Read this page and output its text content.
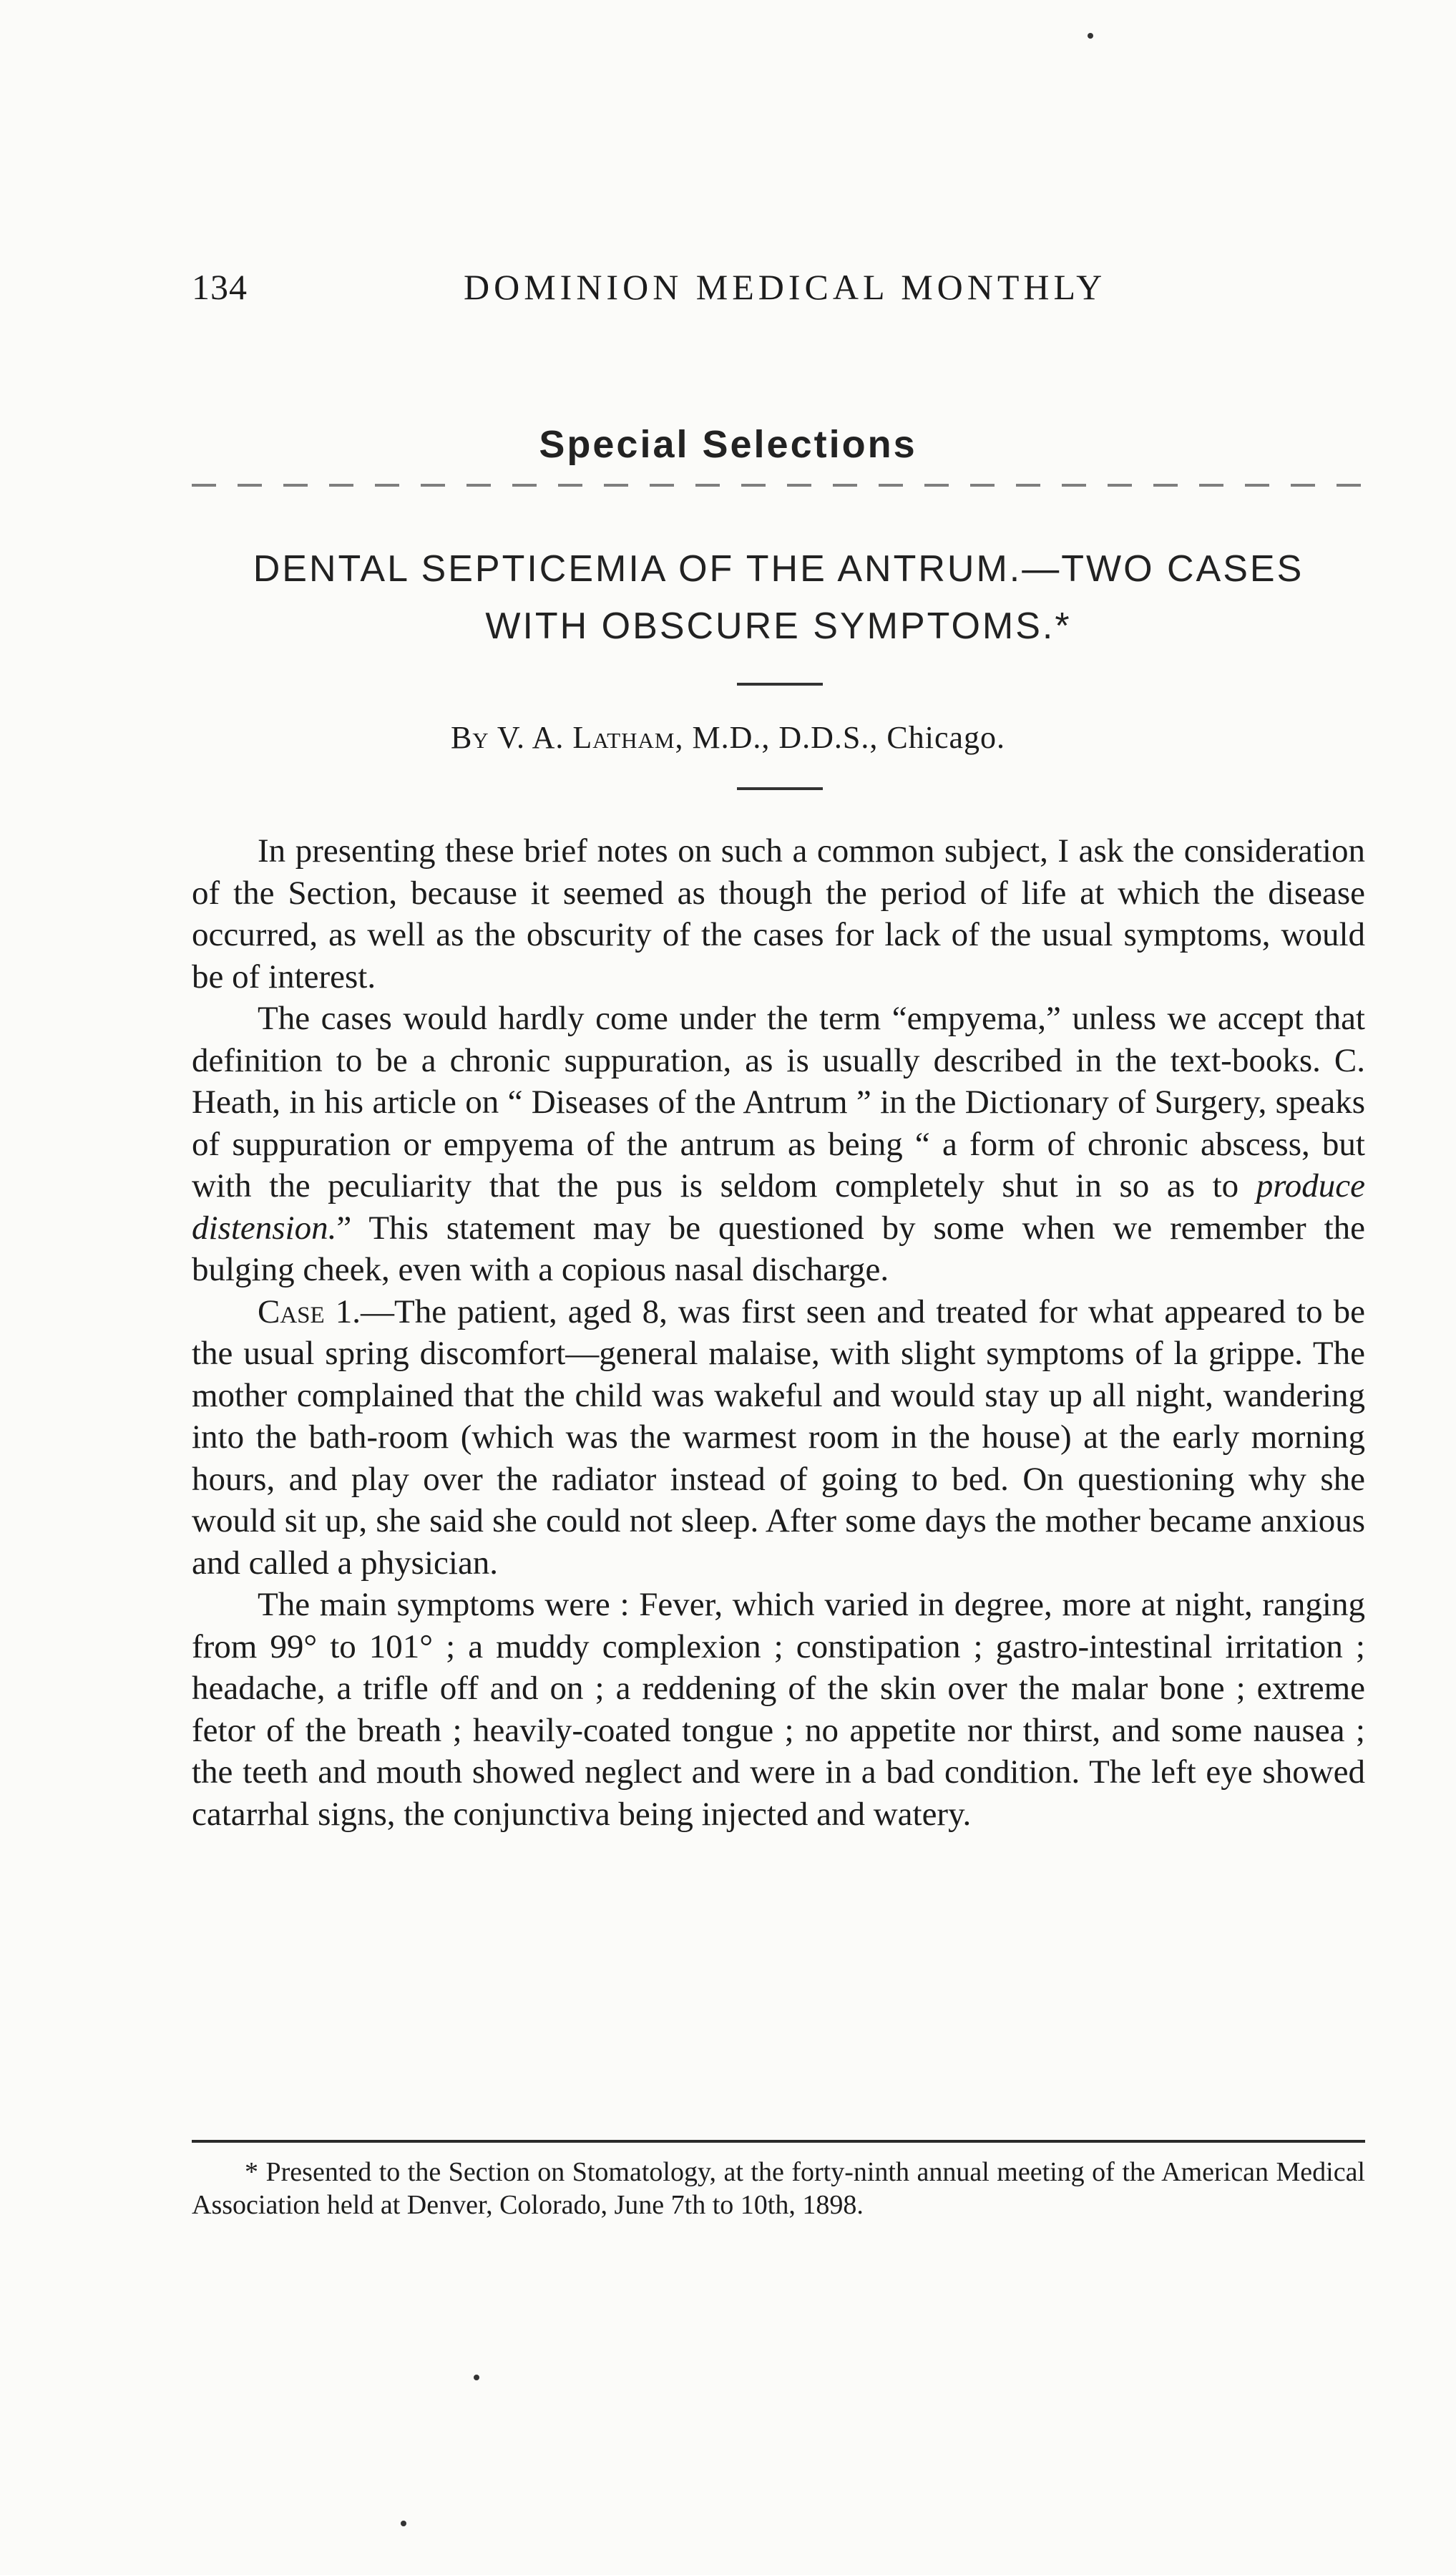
134	DOMINION MEDICAL MONTHLY
Special Selections
DENTAL SEPTICEMIA OF THE ANTRUM.—TWO CASES
WITH OBSCURE SYMPTOMS.*
By V. A. Latham, M.D., D.D.S., Chicago.

In presenting these brief notes on such a common subject, I ask the consideration of the Section, because it seemed as though the period of life at which the disease occurred, as well as the obscurity of the cases for lack of the usual symptoms, would be of interest.

The cases would hardly come under the term “empyema,” unless we accept that definition to be a chronic suppuration, as is usually described in the text-books. C. Heath, in his article on “ Diseases of the Antrum ” in the Dictionary of Surgery, speaks of suppuration or empyema of the antrum as being “ a form of chronic abscess, but with the peculiarity that the pus is seldom completely shut in so as to produce distension.” This statement may be questioned by some when we remember the bulging cheek, even with a copious nasal discharge.

Case 1.—The patient, aged 8, was first seen and treated for what appeared to be the usual spring discomfort—general malaise, with slight symptoms of la grippe. The mother complained that the child was wakeful and would stay up all night, wandering into the bath-room (which was the warmest room in the house) at the early morning hours, and play over the radiator instead of going to bed. On questioning why she would sit up, she said she could not sleep. After some days the mother became anxious and called a physician.

The main symptoms were : Fever, which varied in degree, more at night, ranging from 99° to 101° ; a muddy complexion ; constipation ; gastro-intestinal irritation ; headache, a trifle off and on ; a reddening of the skin over the malar bone ; extreme fetor of the breath ; heavily-coated tongue ; no appetite nor thirst, and some nausea ; the teeth and mouth showed neglect and were in a bad condition. The left eye showed catarrhal signs, the conjunctiva being injected and watery.

* Presented to the Section on Stomatology, at the forty-ninth annual meeting of the American Medical Association held at Denver, Colorado, June 7th to 10th, 1898.
